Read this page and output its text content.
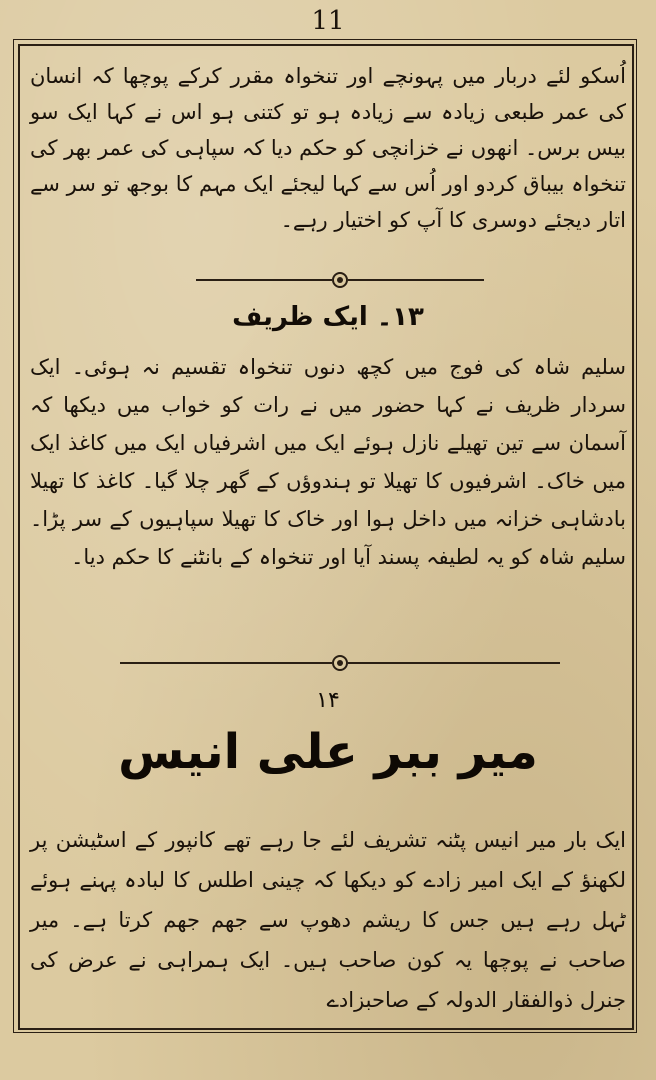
11
اُسکو لئے دربار میں پہونچے اور تنخواہ مقرر کرکے پوچھا کہ انسان کی عمر طبعی زیادہ سے زیادہ ہو تو کتنی ہو اس نے کہا ایک سو بیس برس۔ انھوں نے خزانچی کو حکم دیا کہ سپاہی کی عمر بھر کی تنخواہ بیباق کردو اور اُس سے کہا لیجئے ایک مہم کا بوجھ تو سر سے اتار دیجئے دوسری کا آپ کو اختیار رہے۔
۱۳۔ ایک ظریف
سلیم شاہ کی فوج میں کچھ دنوں تنخواہ تقسیم نہ ہوئی۔ ایک سردار ظریف نے کہا حضور میں نے رات کو خواب میں دیکھا کہ آسمان سے تین تھیلے نازل ہوئے ایک میں اشرفیاں ایک میں کاغذ ایک میں خاک۔ اشرفیوں کا تھیلا تو ہندوؤں کے گھر چلا گیا۔ کاغذ کا تھیلا بادشاہی خزانہ میں داخل ہوا اور خاک کا تھیلا سپاہیوں کے سر پڑا۔ سلیم شاہ کو یہ لطیفہ پسند آیا اور تنخواہ کے بانٹنے کا حکم دیا۔
۱۴
میر ببر علی انیس
ایک بار میر انیس پٹنہ تشریف لئے جا رہے تھے کانپور کے اسٹیشن پر لکھنؤ کے ایک امیر زادے کو دیکھا کہ چینی اطلس کا لبادہ پہنے ہوئے ٹہل رہے ہیں جس کا ریشم دھوپ سے جھم جھم کرتا ہے۔ میر صاحب نے پوچھا یہ کون صاحب ہیں۔ ایک ہمراہی نے عرض کی جنرل ذوالفقار الدولہ کے صاحبزادے
